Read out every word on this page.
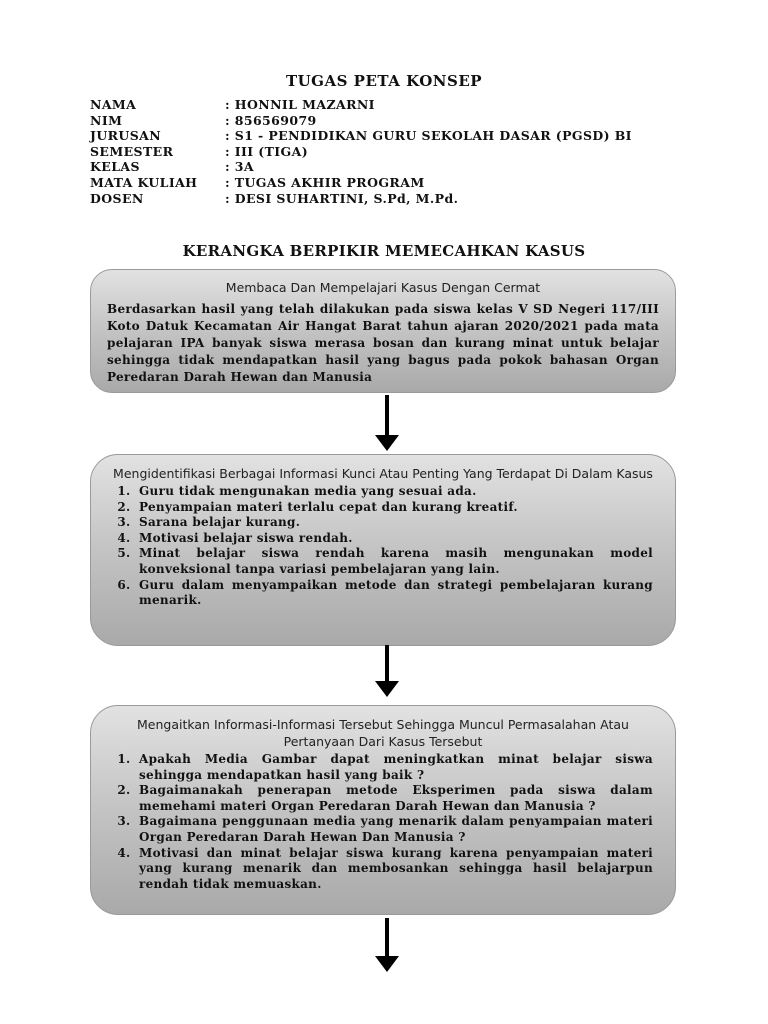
TUGAS PETA KONSEP
NAMA	: HONNIL MAZARNI
NIM	: 856569079
JURUSAN	: S1 - PENDIDIKAN GURU SEKOLAH DASAR (PGSD) BI
SEMESTER	: III (TIGA)
KELAS	: 3A
MATA KULIAH	: TUGAS AKHIR PROGRAM
DOSEN	: DESI SUHARTINI, S.Pd, M.Pd.
KERANGKA BERPIKIR MEMECAHKAN KASUS
Membaca Dan Mempelajari Kasus Dengan Cermat
Berdasarkan hasil yang telah dilakukan pada siswa kelas V SD Negeri 117/III Koto Datuk Kecamatan Air Hangat Barat tahun ajaran 2020/2021 pada mata pelajaran IPA banyak siswa merasa bosan dan kurang minat untuk belajar sehingga tidak mendapatkan hasil yang bagus pada pokok bahasan Organ Peredaran Darah Hewan dan Manusia
Mengidentifikasi Berbagai Informasi Kunci Atau Penting Yang Terdapat Di Dalam Kasus
1. Guru tidak mengunakan media yang sesuai ada.
2. Penyampaian materi terlalu cepat dan kurang kreatif.
3. Sarana belajar kurang.
4. Motivasi belajar siswa rendah.
5. Minat belajar siswa rendah karena masih mengunakan model konveksional tanpa variasi pembelajaran yang lain.
6. Guru dalam menyampaikan metode dan strategi pembelajaran kurang menarik.
Mengaitkan Informasi-Informasi Tersebut Sehingga Muncul Permasalahan Atau Pertanyaan Dari Kasus Tersebut
1. Apakah Media Gambar dapat meningkatkan minat belajar siswa sehingga mendapatkan hasil yang baik ?
2. Bagaimanakah penerapan metode Eksperimen pada siswa dalam memehami materi Organ Peredaran Darah Hewan dan Manusia ?
3. Bagaimana penggunaan media yang menarik dalam penyampaian materi Organ Peredaran Darah Hewan Dan Manusia ?
4. Motivasi dan minat belajar siswa kurang karena penyampaian materi yang kurang menarik dan membosankan sehingga hasil belajarpun rendah tidak memuaskan.
